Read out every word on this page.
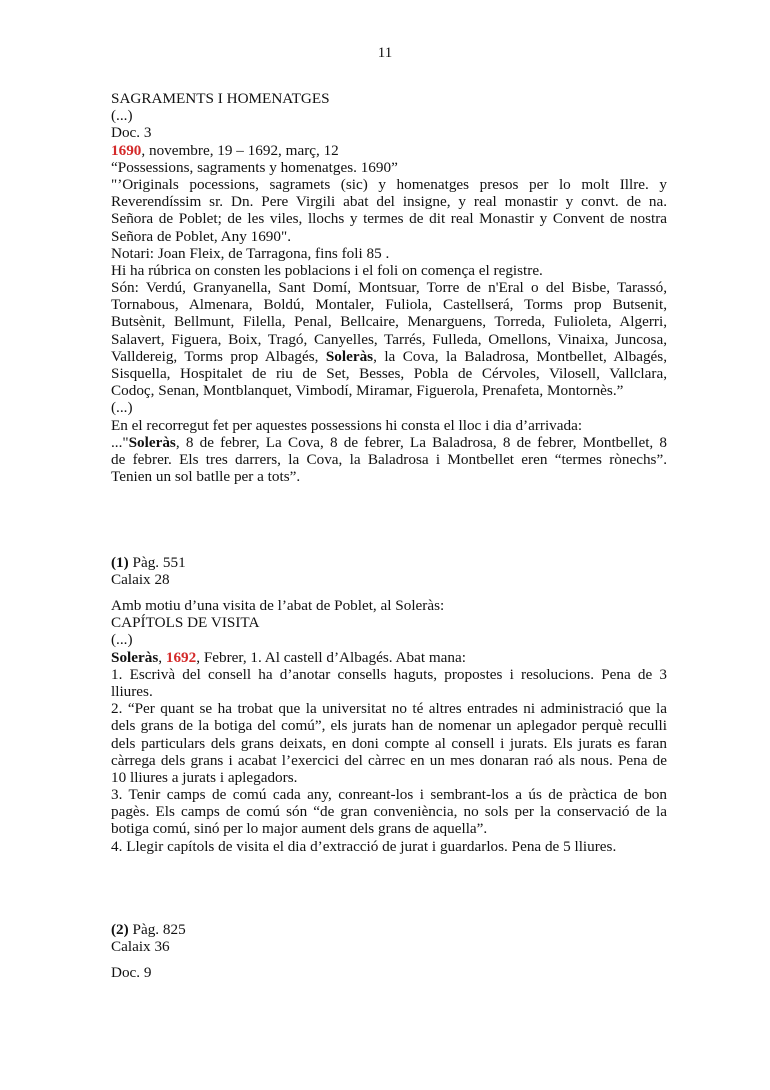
11
SAGRAMENTS I HOMENATGES
(...)
Doc. 3
1690, novembre, 19 – 1692, març, 12
“Possessions, sagraments y homenatges. 1690”
"’Originals pocessions, sagramets (sic) y homenatges presos per lo molt Illre. y
Reverendíssim sr. Dn. Pere Virgili abat del insigne, y real monastir y convt. de na.
Señora de Poblet; de les viles, llochs y termes de dit real Monastir y Convent de nostra
Señora de Poblet, Any 1690".
Notari: Joan Fleix, de Tarragona, fins foli 85 .
Hi ha rúbrica on consten les poblacions i el foli on comença el registre.
Són: Verdú, Granyanella, Sant Domí, Montsuar, Torre de n'Eral o del Bisbe, Tarassó,
Tornabous, Almenara, Boldú, Montaler, Fuliola, Castellserá, Torms prop Butsenit,
Butsènit, Bellmunt, Filella, Penal, Bellcaire, Menarguens, Torreda, Fulioleta, Algerri,
Salavert, Figuera, Boix, Tragó, Canyelles, Tarrés, Fulleda, Omellons, Vinaixa, Juncosa,
Valldereig, Torms prop Albagés, Soleràs, la Cova, la Baladrosa, Montbellet, Albagés,
Sisquella, Hospitalet de riu de Set, Besses, Pobla de Cérvoles, Vilosell, Vallclara,
Codoç, Senan, Montblanquet, Vimbodí, Miramar, Figuerola, Prenafeta, Montornès.”
(...)
En el recorregut fet per aquestes possessions hi consta el lloc i dia d’arrivada:
..."Soleràs, 8 de febrer, La Cova, 8 de febrer, La Baladrosa, 8 de febrer, Montbellet, 8
de febrer. Els tres darrers, la Cova, la Baladrosa i Montbellet eren “termes rònechs”.
Tenien un sol batlle per a tots”.
(1) Pàg. 551
Calaix 28
Amb motiu d’una visita de l’abat de Poblet, al Soleràs:
CAPÍTOLS DE VISITA
(...)
Soleràs, 1692, Febrer, 1. Al castell d’Albagés. Abat mana:
1. Escrivà del consell ha d’anotar consells haguts, propostes i resolucions. Pena de 3
lliures.
2. “Per quant se ha trobat que la universitat no té altres entrades ni administració que la
dels grans de la botiga del comú”, els jurats han de nomenar un aplegador perquè reculli
dels particulars dels grans deixats, en doni compte al consell i jurats. Els jurats es faran
càrrega dels grans i acabat l’exercici del càrrec en un mes donaran raó als nous. Pena de
10 lliures a jurats i aplegadors.
3. Tenir camps de comú cada any, conreant-los i sembrant-los a ús de pràctica de bon
pagès. Els camps de comú són “de gran conveniència, no sols per la conservació de la
botiga comú, sinó per lo major aument dels grans de aquella”.
4. Llegir capítols de visita el dia d’extracció de jurat i guardarlos. Pena de 5 lliures.
(2) Pàg. 825
Calaix 36
Doc. 9
